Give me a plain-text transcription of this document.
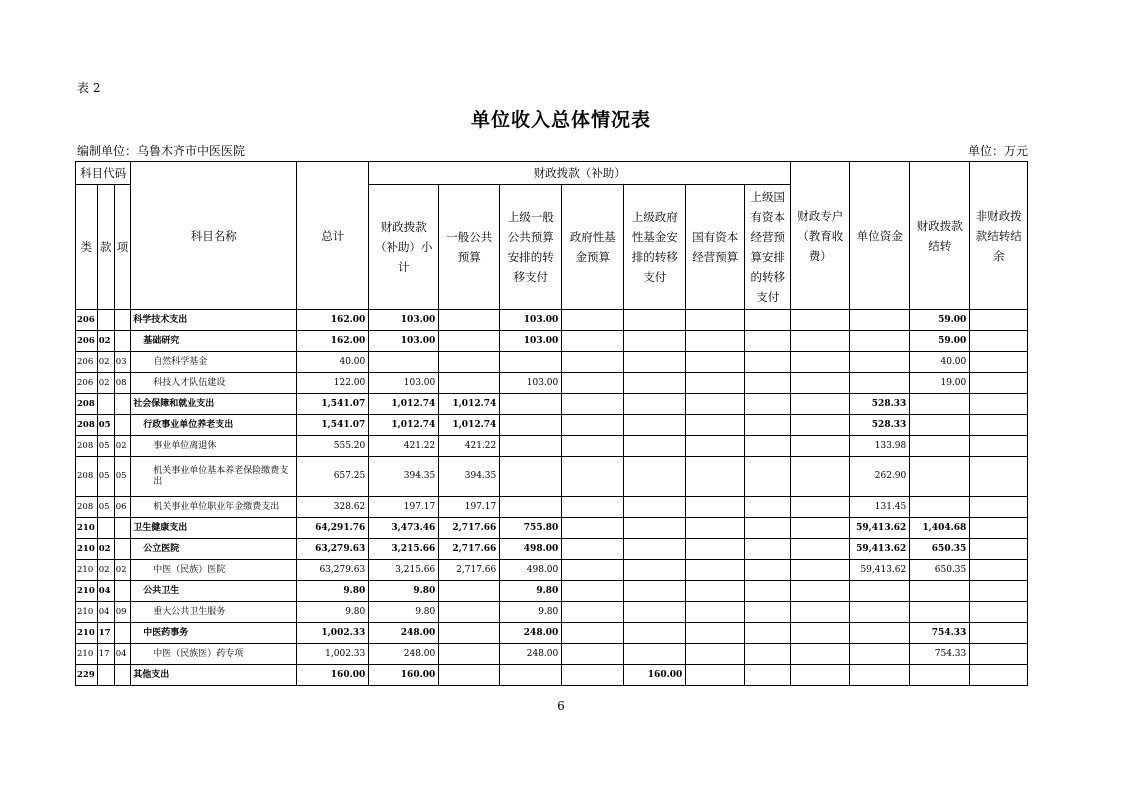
表 2
单位收入总体情况表
编制单位：乌鲁木齐市中医医院	单位：万元
科目代码			科目名称	总计	财政拨款（补助）							财政专户（教育收费）	单位资金	财政拨款结转	非财政拨款结转结余
类	款	项			财政拨款（补助）小计	一般公共预算	上级一般公共预算安排的转移支付	政府性基金预算	上级政府性基金安排的转移支付	国有资本经营预算	上级国有资本经营预算安排的转移支付				
206			科学技术支出	162.00	103.00		103.00							59.00	
206	02		基础研究	162.00	103.00		103.00							59.00	
206	02	03	自然科学基金	40.00										40.00	
206	02	08	科技人才队伍建设	122.00	103.00		103.00							19.00	
208			社会保障和就业支出	1,541.07	1,012.74	1,012.74							528.33		
208	05		行政事业单位养老支出	1,541.07	1,012.74	1,012.74							528.33		
208	05	02	事业单位离退休	555.20	421.22	421.22							133.98		
208	05	05	机关事业单位基本养老保险缴费支出	657.25	394.35	394.35							262.90		
208	05	06	机关事业单位职业年金缴费支出	328.62	197.17	197.17							131.45		
210			卫生健康支出	64,291.76	3,473.46	2,717.66	755.80						59,413.62	1,404.68	
210	02		公立医院	63,279.63	3,215.66	2,717.66	498.00						59,413.62	650.35	
210	02	02	中医（民族）医院	63,279.63	3,215.66	2,717.66	498.00						59,413.62	650.35	
210	04		公共卫生	9.80	9.80		9.80								
210	04	09	重大公共卫生服务	9.80	9.80		9.80								
210	17		中医药事务	1,002.33	248.00		248.00							754.33	
210	17	04	中医（民族医）药专项	1,002.33	248.00		248.00							754.33	
229			其他支出	160.00	160.00				160.00						
6
